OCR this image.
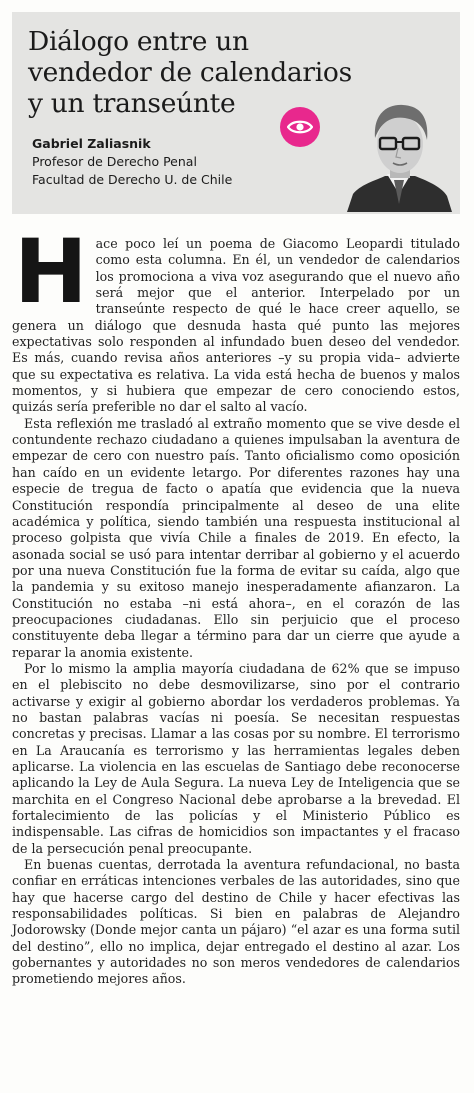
Diálogo entre un vendedor de calendarios y un transeúnte
Gabriel Zaliasnik
Profesor de Derecho Penal
Facultad de Derecho U. de Chile

Hace poco leí un poema de Giacomo Leopardi titulado como esta columna. En él, un vendedor de calendarios los promociona a viva voz asegurando que el nuevo año será mejor que el anterior. Interpelado por un transeúnte respecto de qué le hace creer aquello, se genera un diálogo que desnuda hasta qué punto las mejores expectativas solo responden al infundado buen deseo del vendedor. Es más, cuando revisa años anteriores –y su propia vida– advierte que su expectativa es relativa. La vida está hecha de buenos y malos momentos, y si hubiera que empezar de cero conociendo estos, quizás sería preferible no dar el salto al vacío.

Esta reflexión me trasladó al extraño momento que se vive desde el contundente rechazo ciudadano a quienes impulsaban la aventura de empezar de cero con nuestro país. Tanto oficialismo como oposición han caído en un evidente letargo. Por diferentes razones hay una especie de tregua de facto o apatía que evidencia que la nueva Constitución respondía principalmente al deseo de una elite académica y política, siendo también una respuesta institucional al proceso golpista que vivía Chile a finales de 2019. En efecto, la asonada social se usó para intentar derribar al gobierno y el acuerdo por una nueva Constitución fue la forma de evitar su caída, algo que la pandemia y su exitoso manejo inesperadamente afianzaron. La Constitución no estaba –ni está ahora–, en el corazón de las preocupaciones ciudadanas. Ello sin perjuicio que el proceso constituyente deba llegar a término para dar un cierre que ayude a reparar la anomia existente.

Por lo mismo la amplia mayoría ciudadana de 62% que se impuso en el plebiscito no debe desmovilizarse, sino por el contrario activarse y exigir al gobierno abordar los verdaderos problemas. Ya no bastan palabras vacías ni poesía. Se necesitan respuestas concretas y precisas. Llamar a las cosas por su nombre. El terrorismo en La Araucanía es terrorismo y las herramientas legales deben aplicarse. La violencia en las escuelas de Santiago debe reconocerse aplicando la Ley de Aula Segura. La nueva Ley de Inteligencia que se marchita en el Congreso Nacional debe aprobarse a la brevedad. El fortalecimiento de las policías y el Ministerio Público es indispensable. Las cifras de homicidios son impactantes y el fracaso de la persecución penal preocupante.

En buenas cuentas, derrotada la aventura refundacional, no basta confiar en erráticas intenciones verbales de las autoridades, sino que hay que hacerse cargo del destino de Chile y hacer efectivas las responsabilidades políticas. Si bien en palabras de Alejandro Jodorowsky (Donde mejor canta un pájaro) “el azar es una forma sutil del destino”, ello no implica, dejar entregado el destino al azar. Los gobernantes y autoridades no son meros vendedores de calendarios prometiendo mejores años.
